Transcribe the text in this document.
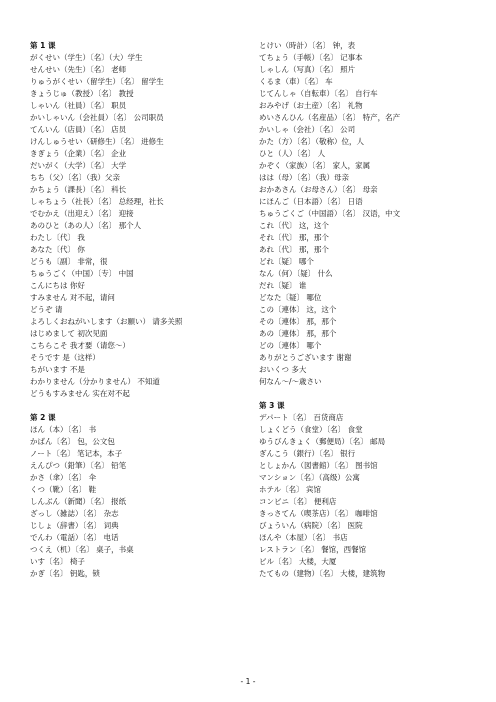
第 1 课
がくせい（学生）〔名〕（大）学生
せんせい（先生）〔名〕 老师
りゅうがくせい（留学生）〔名〕 留学生
きょうじゅ（教授）〔名〕 教授
しゃいん（社員）〔名〕 职员
かいしゃいん（会社員）〔名〕 公司职员
てんいん（店員）〔名〕 店员
けんしゅうせい（研修生）〔名〕 进修生
きぎょう（企業）〔名〕 企业
だいがく（大学）〔名〕 大学
ちち（父）〔名〕（我）父亲
かちょう（課長）〔名〕 科长
しゃちょう（社長）〔名〕 总经理，社长
でむかえ（出迎え）〔名〕 迎接
あのひと（あの人）〔名〕 那个人
わたし〔代〕 我
あなた〔代〕 你
どうも〔副〕 非常，很
ちゅうごく（中国）〔专〕 中国
こんにちは 你好
すみません 对不起，请问
どうぞ 请
よろしくおねがいします（お願い） 请多关照
はじめまして 初次见面
こちらこそ 我才要（请您～）
そうです 是（这样）
ちがいます 不是
わかりません（分かりません） 不知道
どうもすみません 实在对不起
第 2 课
ほん（本）〔名〕 书
かばん〔名〕 包，公文包
ノート〔名〕 笔记本，本子
えんぴつ（鉛筆）〔名〕 铅笔
かさ（傘）〔名〕 伞
くつ（靴）〔名〕 鞋
しんぶん（新聞）〔名〕 报纸
ざっし（雑誌）〔名〕 杂志
じしょ（辞書）〔名〕 词典
でんわ（電話）〔名〕 电话
つくえ（机）〔名〕 桌子，书桌
いす〔名〕 椅子
かぎ〔名〕 钥匙，锁
とけい（時計）〔名〕 钟，表
てちょう（手帳）〔名〕 记事本
しゃしん（写真）〔名〕 照片
くるま（車）〔名〕 车
じてんしゃ（自転車）〔名〕 自行车
おみやげ（お土産）〔名〕 礼物
めいさんひん（名産品）〔名〕 特产，名产
かいしゃ（会社）〔名〕 公司
かた（方）〔名〕（敬称）位，人
ひと（人）〔名〕 人
かぞく（家族）〔名〕 家人，家属
はは（母）〔名〕（我）母亲
おかあさん（お母さん）〔名〕 母亲
にほんご（日本語）〔名〕 日语
ちゅうごくご（中国語）〔名〕 汉语，中文
これ〔代〕 这，这个
それ〔代〕 那，那个
あれ〔代〕 那，那个
どれ〔疑〕 哪个
なん（何）〔疑〕 什么
だれ〔疑〕 谁
どなた〔疑〕 哪位
この〔連体〕 这，这个
その〔連体〕 那，那个
あの〔連体〕 那，那个
どの〔連体〕 哪个
ありがとうございます 谢谢
おいくつ 多大
何なん～/～歳さい
第 3 课
デパート〔名〕 百货商店
しょくどう（食堂）〔名〕 食堂
ゆうびんきょく（郵便局）〔名〕 邮局
ぎんこう（銀行）〔名〕 银行
としょかん（図書館）〔名〕 图书馆
マンション〔名〕（高级）公寓
ホテル〔名〕 宾馆
コンビニ〔名〕 便利店
きっさてん（喫茶店）〔名〕 咖啡馆
びょういん（病院）〔名〕 医院
ほんや（本屋）〔名〕 书店
レストラン〔名〕 餐馆，西餐馆
ビル〔名〕 大楼，大厦
たてもの（建物）〔名〕 大楼，建筑物
- 1 -
